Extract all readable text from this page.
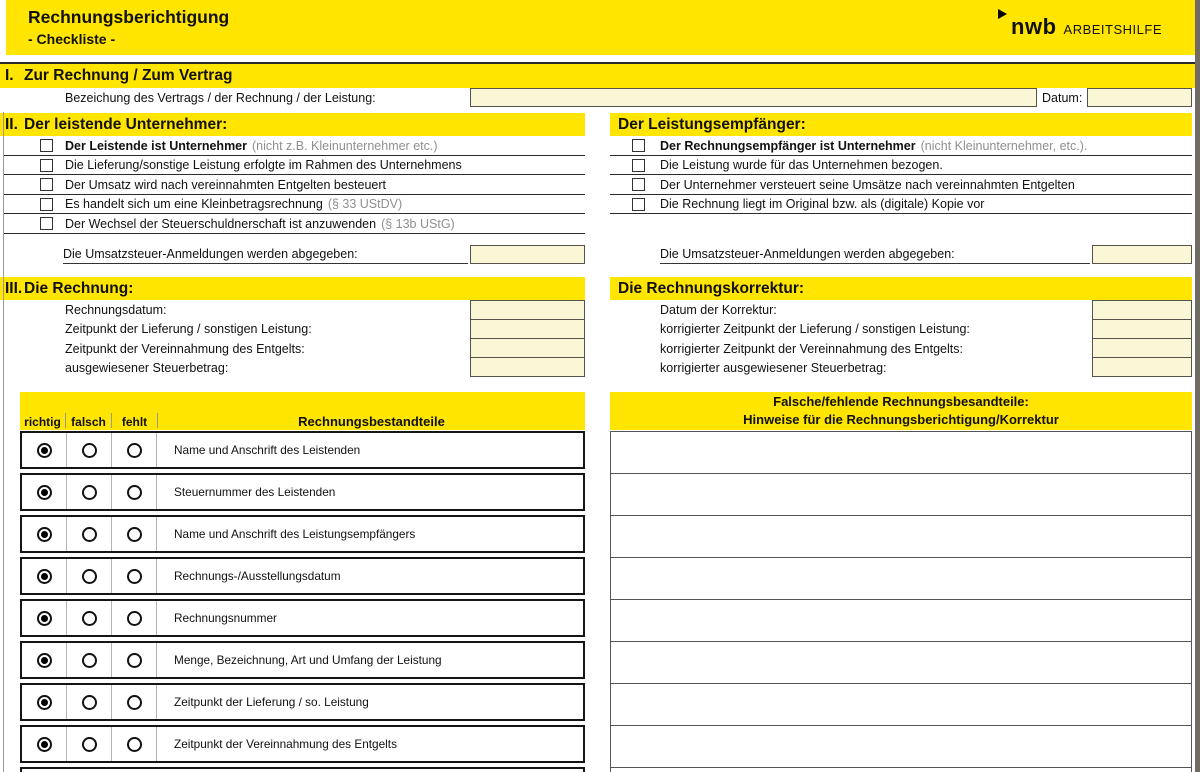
Rechnungsberichtigung
- Checkliste -	nwb ARBEITSHILFE
I. Zur Rechnung / Zum Vertrag
Bezeichung des Vertrags / der Rechnung / der Leistung:	Datum:
II. Der leistende Unternehmer:
Der Leistende ist Unternehmer (nicht z.B. Kleinunternehmer etc.)
Die Lieferung/sonstige Leistung erfolgte im Rahmen des Unternehmens
Der Umsatz wird nach vereinnahmten Entgelten besteuert
Es handelt sich um eine Kleinbetragsrechnung (§ 33 UStDV)
Der Wechsel der Steuerschuldnerschaft ist anzuwenden (§ 13b UStG)
Der Leistungsempfänger:
Der Rechnungsempfänger ist Unternehmer (nicht Kleinunternehmer, etc.).
Die Leistung wurde für das Unternehmen bezogen.
Der Unternehmer versteuert seine Umsätze nach vereinnahmten Entgelten
Die Rechnung liegt im Original bzw. als (digitale) Kopie vor
Die Umsatzsteuer-Anmeldungen werden abgegeben:	Die Umsatzsteuer-Anmeldungen werden abgegeben:
III. Die Rechnung:
Rechnungsdatum:
Zeitpunkt der Lieferung / sonstigen Leistung:
Zeitpunkt der Vereinnahmung des Entgelts:
ausgewiesener Steuerbetrag:
Die Rechnungskorrektur:
Datum der Korrektur:
korrigierter Zeitpunkt der Lieferung / sonstigen Leistung:
korrigierter Zeitpunkt der Vereinnahmung des Entgelts:
korrigierter ausgewiesener Steuerbetrag:
richtig falsch	fehlt	Rechnungsbestandteile
Name und Anschrift des Leistenden
Steuernummer des Leistenden
Name und Anschrift des Leistungsempfängers
Rechnungs-/Ausstellungsdatum
Rechnungsnummer
Menge, Bezeichnung, Art und Umfang der Leistung
Zeitpunkt der Lieferung / so. Leistung
Zeitpunkt der Vereinnahmung des Entgelts
Falsche/fehlende Rechnungsbesandteile:
Hinweise für die Rechnungsberichtigung/Korrektur
